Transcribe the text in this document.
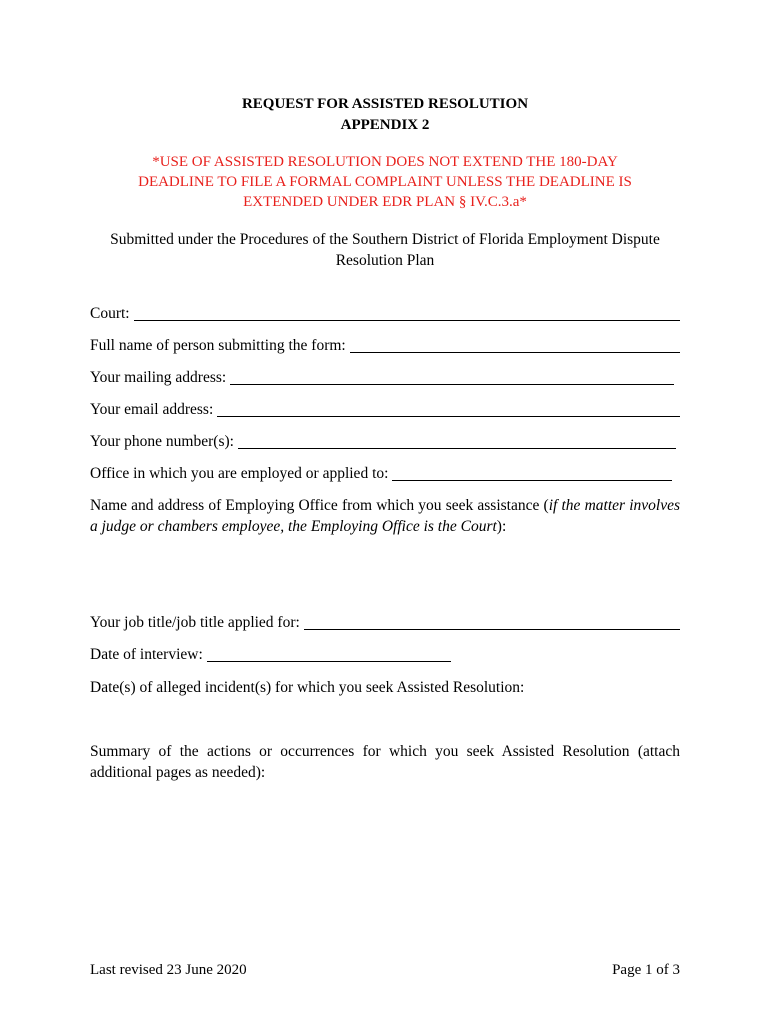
REQUEST FOR ASSISTED RESOLUTION
APPENDIX 2
*USE OF ASSISTED RESOLUTION DOES NOT EXTEND THE 180-DAY
DEADLINE TO FILE A FORMAL COMPLAINT UNLESS THE DEADLINE IS
EXTENDED UNDER EDR PLAN § IV.C.3.a*
Submitted under the Procedures of the Southern District of Florida Employment Dispute
Resolution Plan
Court:
Full name of person submitting the form:
Your mailing address:
Your email address:
Your phone number(s):
Office in which you are employed or applied to:
Name and address of Employing Office from which you seek assistance (if the matter involves a judge or chambers employee, the Employing Office is the Court):
Your job title/job title applied for:
Date of interview:
Date(s) of alleged incident(s) for which you seek Assisted Resolution:
Summary of the actions or occurrences for which you seek Assisted Resolution (attach additional pages as needed):
Last revised 23 June 2020	Page 1 of 3
